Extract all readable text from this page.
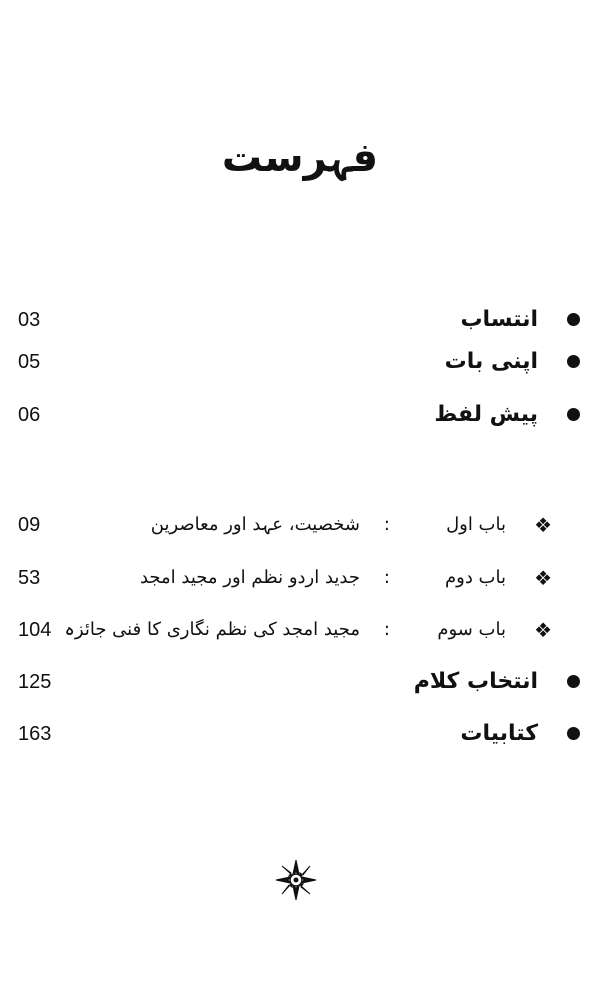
فہرست
03	انتساب
05	اپنی بات
06	پیش لفظ
09	شخصیت، عہد اور معاصرین :	باب اول ❖
53	جدید اردو نظم اور مجید امجد :	باب دوم ❖
104 مجید امجد کی نظم نگاری کا فنی جائزہ :	باب سوم ❖
125	انتخاب کلام
163	کتابیات
